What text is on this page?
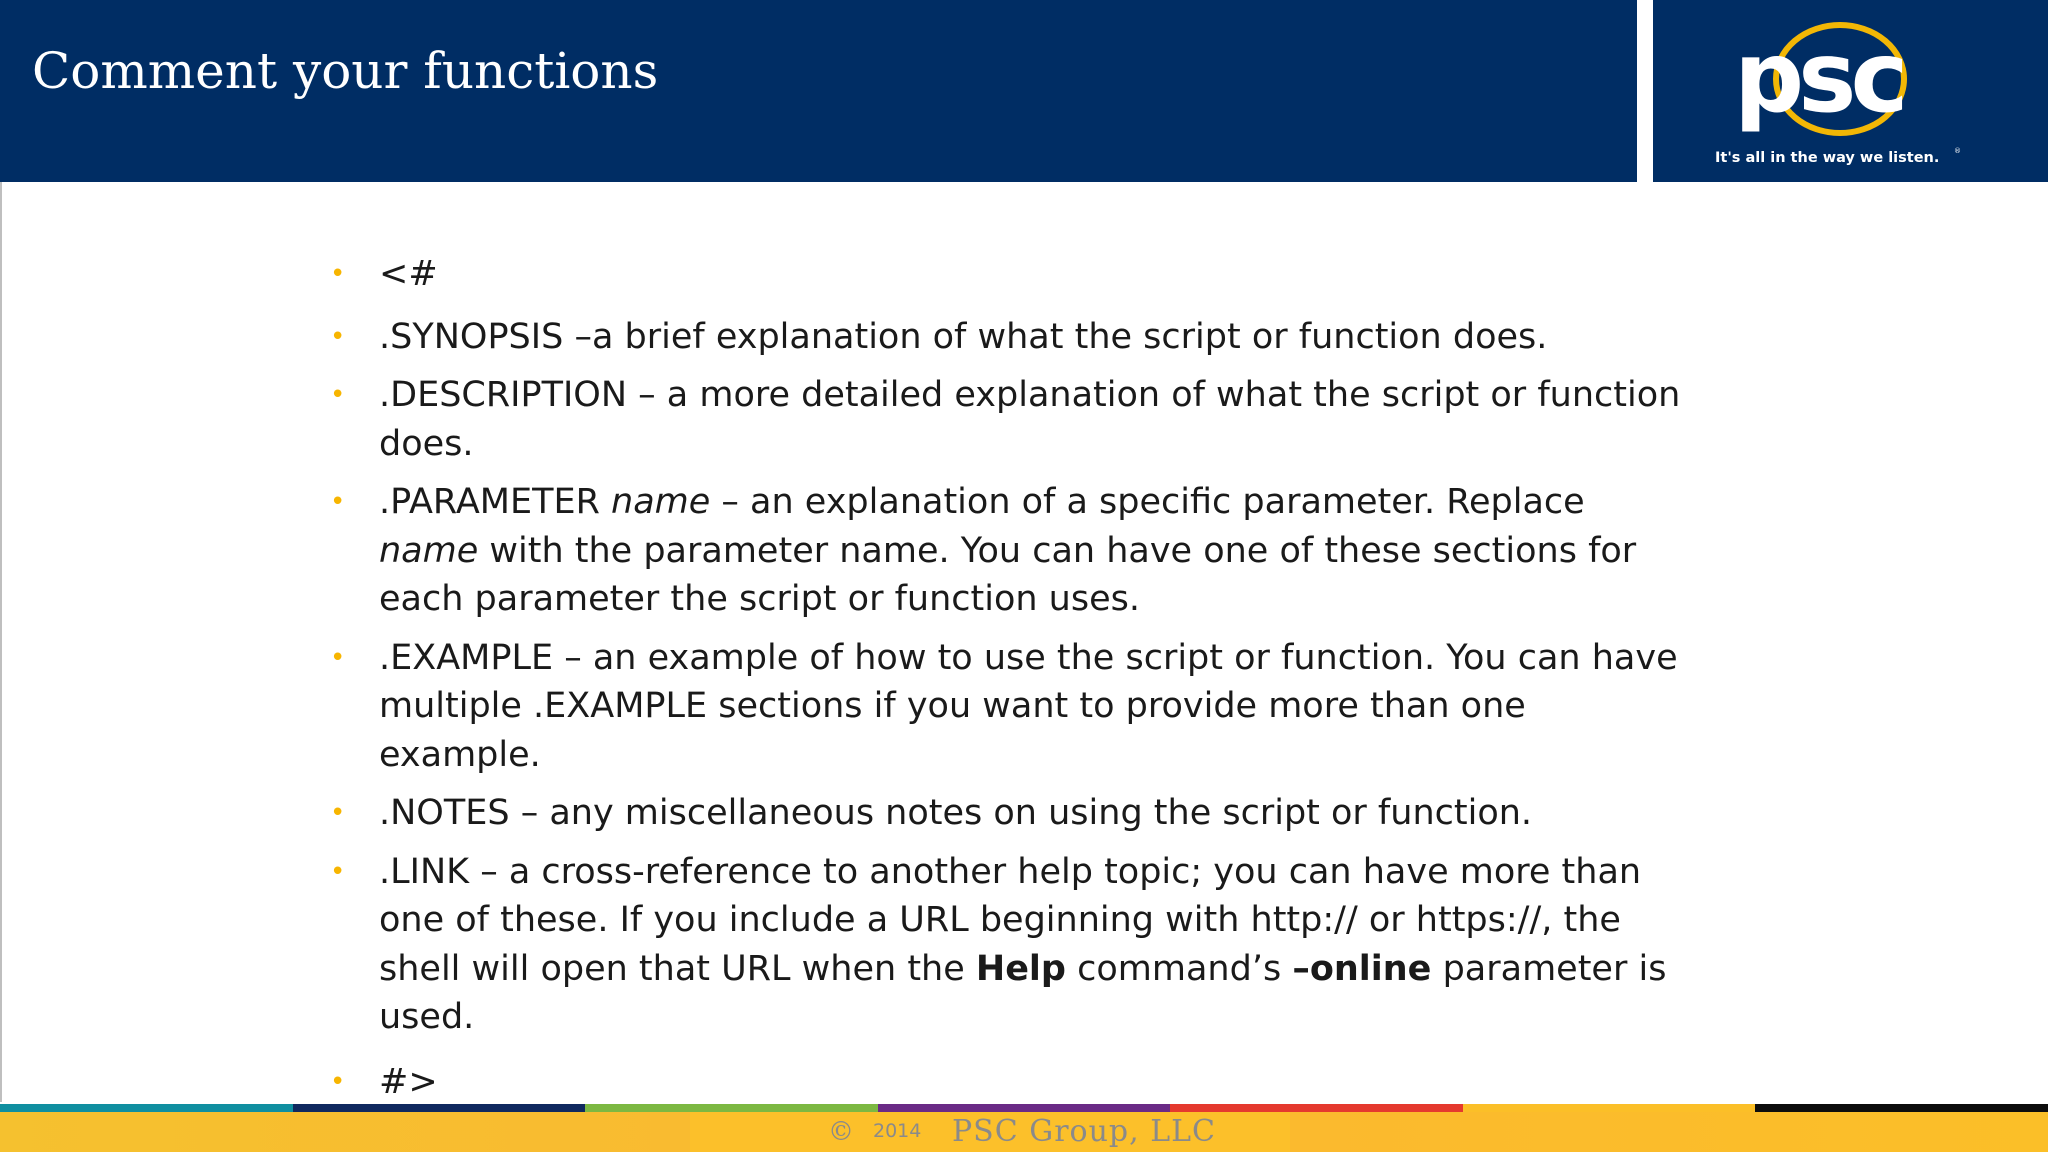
Comment your functions	psc
It's all in the way we listen. ®
• <#
• .SYNOPSIS –a brief explanation of what the script or function does.
• .DESCRIPTION – a more detailed explanation of what the script or function does.
• .PARAMETER name – an explanation of a specific parameter. Replace name with the parameter name. You can have one of these sections for each parameter the script or function uses.
• .EXAMPLE – an example of how to use the script or function. You can have multiple .EXAMPLE sections if you want to provide more than one example.
• .NOTES – any miscellaneous notes on using the script or function.
• .LINK – a cross-reference to another help topic; you can have more than one of these. If you include a URL beginning with http:// or https://, the shell will open that URL when the Help command’s –online parameter is used.
• #>
© 2014 PSC Group, LLC
